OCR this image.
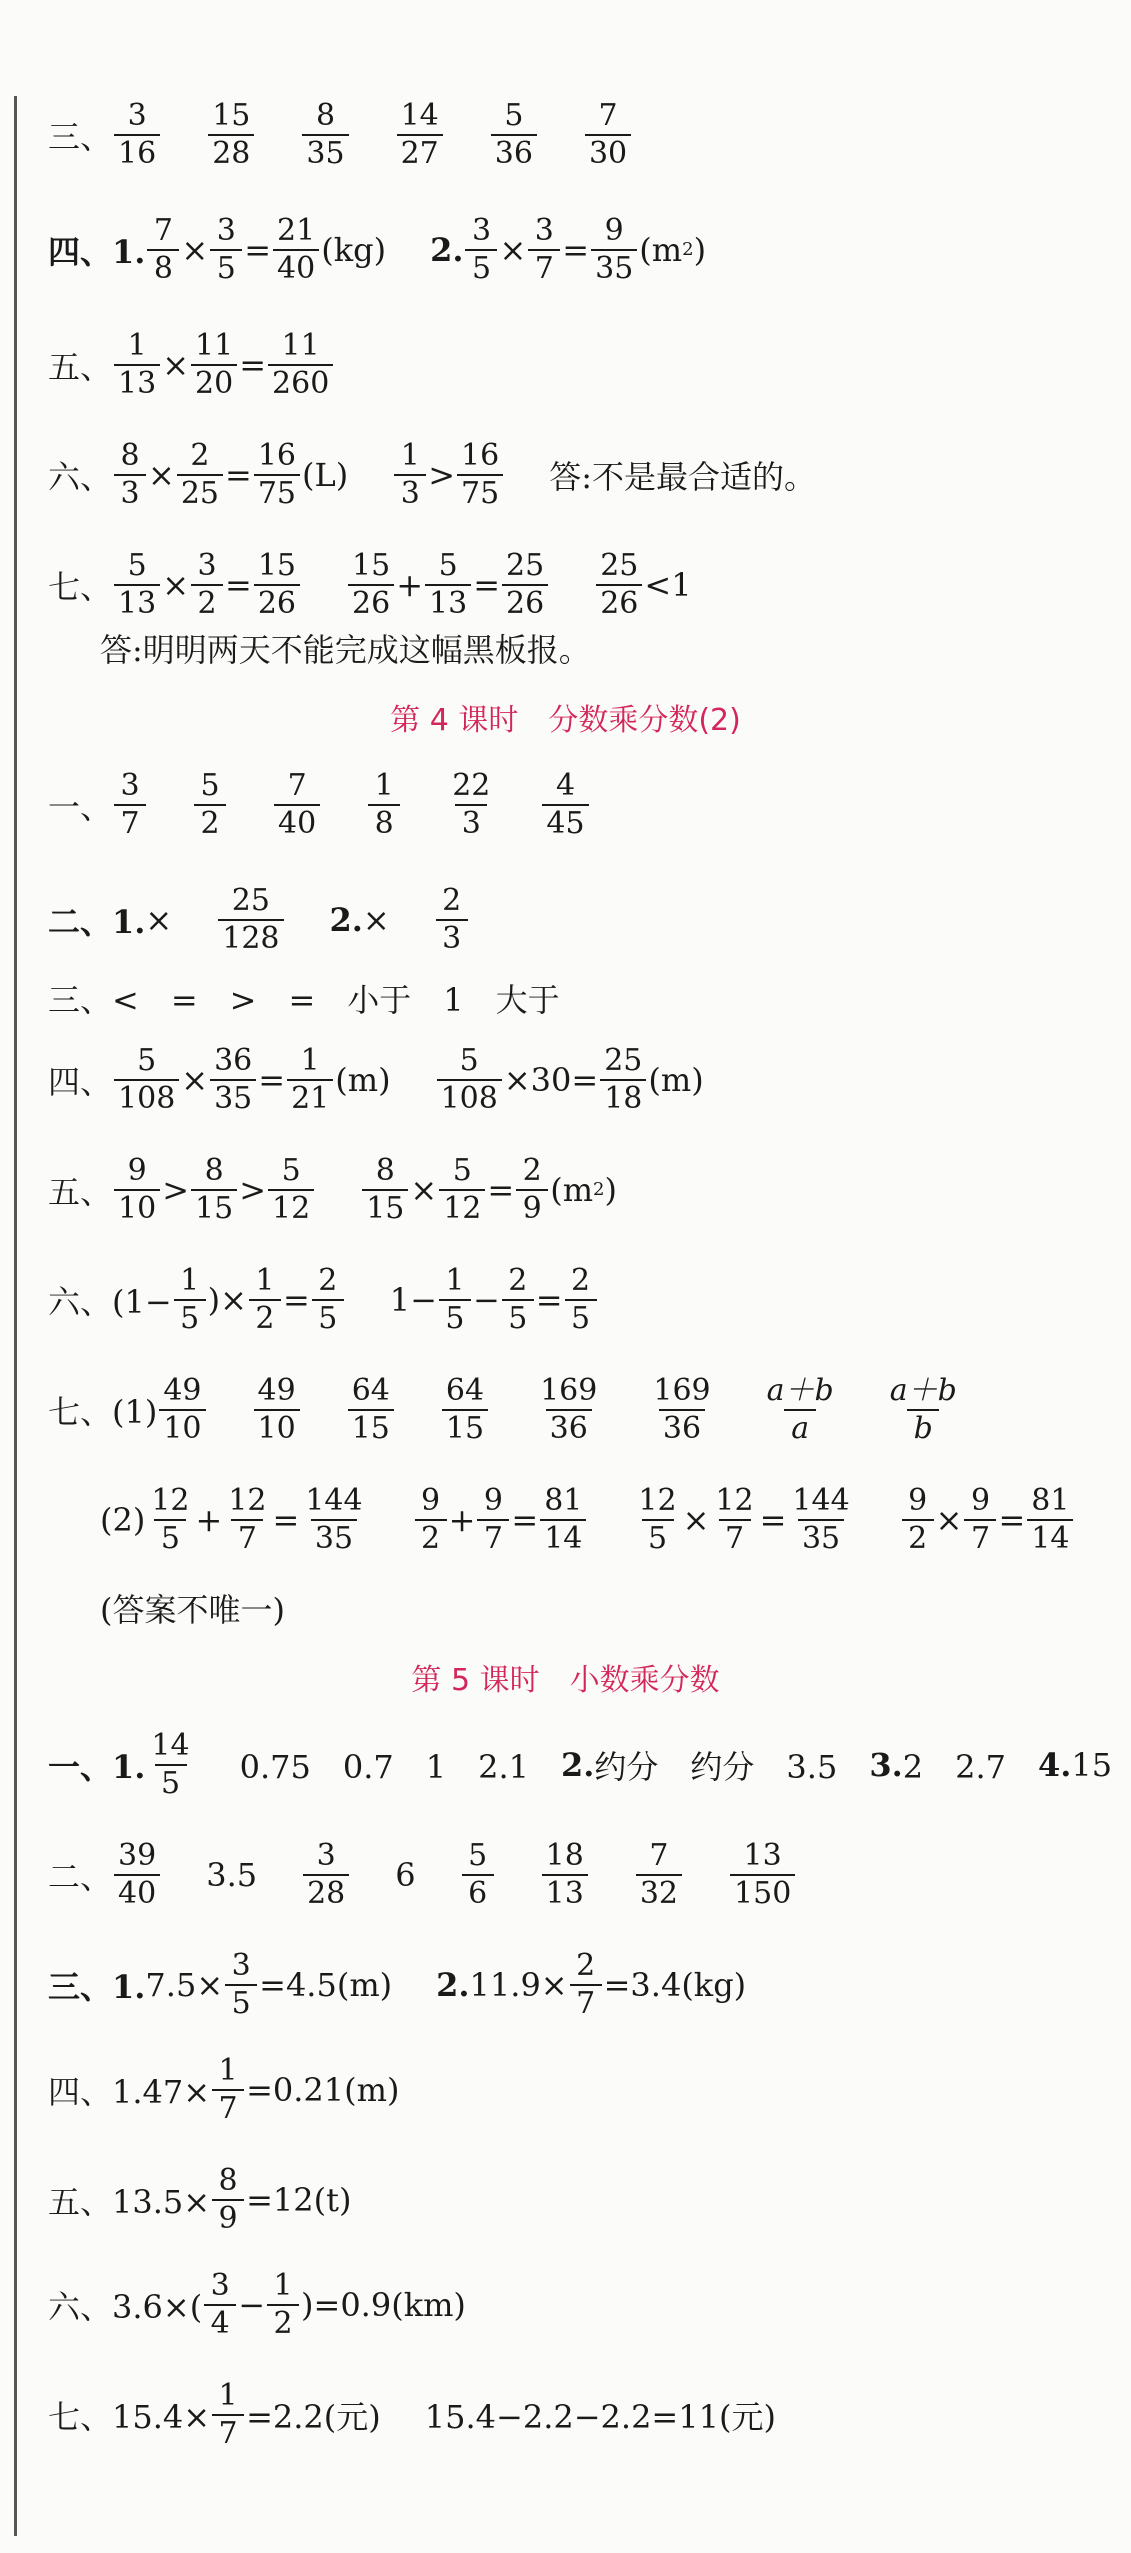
三、 $\frac{3}{16} \frac{15}{28} \frac{8}{35} \frac{14}{27} \frac{5}{36} \frac{7}{30}$
四、1. $\frac{7}{8} \times \frac{3}{5} = \frac{21}{40} (kg)$ 2. $\frac{3}{5} \times \frac{3}{7} = \frac{9}{35} (m$ 2 )
五、 $\frac{1}{13} \times \frac{11}{20} = \frac{11}{260}$
六、 $\frac{8}{3} \times \frac{2}{25} = \frac{16}{75} (L) \frac{1}{3} > \frac{16}{75}$ 答:不是最合适的。
七、 $\frac{5}{13} \times \frac{3}{2} = \frac{15}{26} \frac{15}{26} + \frac{5}{13} = \frac{25}{26} \frac{25}{26} <1$
答:明明两天不能完成这幅黑板报。
第 4 课时　分数乘分数(2)
一、 $\frac{3}{7} \frac{5}{2} \frac{7}{40} \frac{1}{8} \frac{22}{3} \frac{4}{45}$
二、1. × $\frac{25}{128} 2$. × $\frac{2}{3}$
三、<　=　>　=　小于　1　大于
四、 $\frac{5}{108} \times \frac{36}{35} = \frac{1}{21} (m) \frac{5}{108} \times 30= \frac{25}{18} (m)$
五、 $\frac{9}{10} > \frac{8}{15} > \frac{5}{12} \frac{8}{15} \times \frac{5}{12} = \frac{2}{9} (m$ 2 )
六、($1- \frac{1}{5}$ )× $\frac{1}{2} = \frac{2}{5} 1- \frac{1}{5} - \frac{2}{5} = \frac{2}{5}$
七、$(1) \frac{49}{10} \frac{49}{10} \frac{64}{15} \frac{64}{15} \frac{169}{36} \frac{169}{36} \frac{a+b}{a} \frac{a+b}{b}$
$(2) \frac{12}{5} + \frac{12}{7} = \frac{144}{35} \frac{9}{2} + \frac{9}{7} = \frac{81}{14} \frac{12}{5} \times \frac{12}{7} = \frac{144}{35} \frac{9}{2} \times \frac{9}{7} = \frac{81}{14}$
(答案不唯一)
第 5 课时　小数乘分数
一、1. $\frac{14}{5} 0.75$　0.7　1　2.1　 2. 约分　约分　3.5　 3. 2　2.7　 4. 15
二、 $\frac{39}{40} 3.5 \frac{3}{28} 6 \frac{5}{6} \frac{18}{13} \frac{7}{32} \frac{13}{150}$
三、1. $7.5\times \frac{3}{5} =4.5(m)$ 2. $11.9\times \frac{2}{7} =3.4(kg)$
四、$1.47\times \frac{1}{7} =0.21(m)$
五、$13.5\times \frac{8}{9} =12(t)$
六、$3.6\times( \frac{3}{4} - \frac{1}{2} )=0.9(km)$
七、$15.4\times \frac{1}{7} =2.2$(元) 15.4−2.2−2.2=11(元)
